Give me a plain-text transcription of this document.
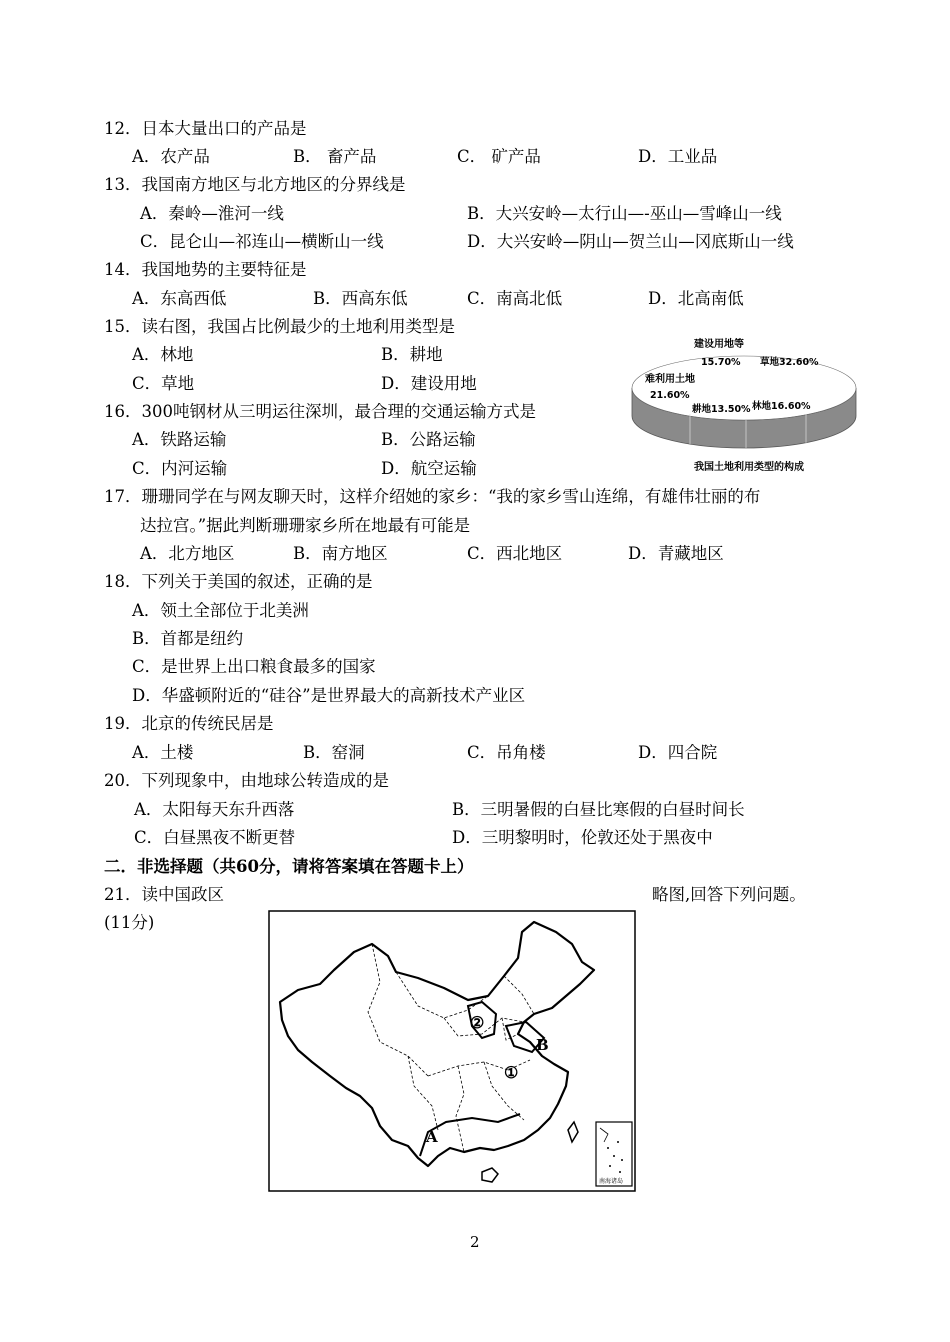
12．日本大量出口的产品是
A．农产品	B． 畜产品	C． 矿产品	D．工业品
13．我国南方地区与北方地区的分界线是
A．秦岭—淮河一线	B．大兴安岭—太行山—-巫山—雪峰山一线
C．昆仑山—祁连山—横断山一线	D．大兴安岭—阴山—贺兰山—冈底斯山一线
14．我国地势的主要特征是
A．东高西低	B．西高东低	C．南高北低	D．北高南低
15．读右图，我国占比例最少的土地利用类型是
A．林地	B．耕地
C．草地	D．建设用地
16．300吨钢材从三明运往深圳，最合理的交通运输方式是
A．铁路运输	B．公路运输
C．内河运输	D．航空运输
建设用地等
15.70% 草地32.60%
难利用土地
21.60%
耕地13.50% 林地16.60%
我国土地利用类型的构成
17．珊珊同学在与网友聊天时，这样介绍她的家乡：“我的家乡雪山连绵，有雄伟壮丽的布
达拉宫。”据此判断珊珊家乡所在地最有可能是
A．北方地区	B．南方地区	C．西北地区	D．青藏地区
18．下列关于美国的叙述，正确的是
A．领土全部位于北美洲
B．首都是纽约
C．是世界上出口粮食最多的国家
D．华盛顿附近的“硅谷”是世界最大的高新技术产业区
19．北京的传统民居是
A．土楼	B．窑洞	C．吊角楼	D．四合院
20．下列现象中，由地球公转造成的是
A．太阳每天东升西落	B．三明暑假的白昼比寒假的白昼时间长
C．白昼黑夜不断更替	D．三明黎明时，伦敦还处于黑夜中
二．非选择题（共60分，请将答案填在答题卡上）
21．读中国政区	略图,回答下列问题。
(11分)
A
B
①
②
南海诸岛
2
